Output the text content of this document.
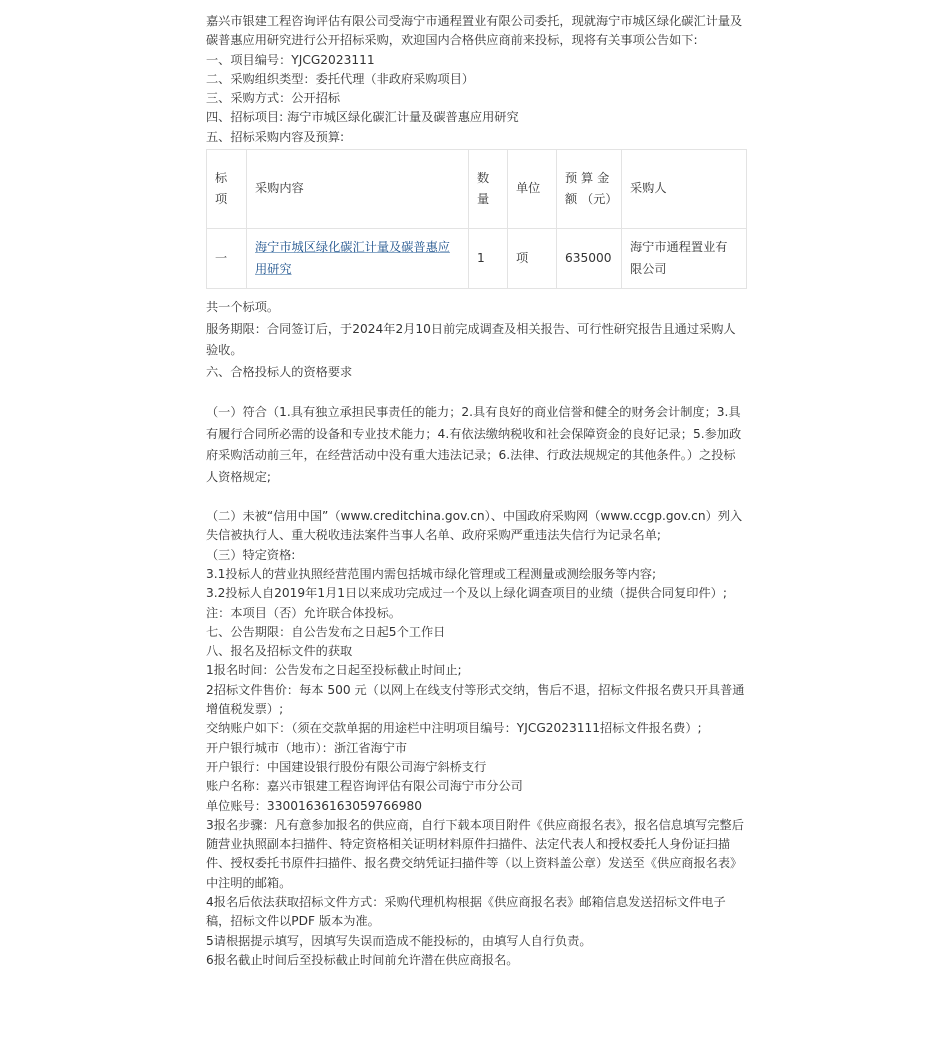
嘉兴市银建工程咨询评估有限公司受海宁市通程置业有限公司委托，现就海宁市城区绿化碳汇计量及碳普惠应用研究进行公开招标采购，欢迎国内合格供应商前来投标，现将有关事项公告如下:

一、项目编号：YJCG2023111

二、采购组织类型：委托代理（非政府采购项目）

三、采购方式：公开招标

四、招标项目: 海宁市城区绿化碳汇计量及碳普惠应用研究

五、招标采购内容及预算:

标项	采购内容	数量	单位	预 算 金 额 （元）	采购人
一	海宁市城区绿化碳汇计量及碳普惠应用研究	1	项	635000	海宁市通程置业有限公司

共一个标项。

服务期限：合同签订后，于2024年2月10日前完成调查及相关报告、可行性研究报告且通过采购人验收。

六、合格投标人的资格要求

（一）符合（1.具有独立承担民事责任的能力；2.具有良好的商业信誉和健全的财务会计制度；3.具有履行合同所必需的设备和专业技术能力；4.有依法缴纳税收和社会保障资金的良好记录；5.参加政府采购活动前三年，在经营活动中没有重大违法记录；6.法律、行政法规规定的其他条件。）之投标人资格规定;

（二）未被“信用中国”（www.creditchina.gov.cn）、中国政府采购网（www.ccgp.gov.cn）列入失信被执行人、重大税收违法案件当事人名单、政府采购严重违法失信行为记录名单;

（三）特定资格:

3.1投标人的营业执照经营范围内需包括城市绿化管理或工程测量或测绘服务等内容;

3.2投标人自2019年1月1日以来成功完成过一个及以上绿化调查项目的业绩（提供合同复印件）;

注：本项目（否）允许联合体投标。

七、公告期限：自公告发布之日起5个工作日

八、报名及招标文件的获取

1报名时间：公告发布之日起至投标截止时间止;

2招标文件售价：每本 500 元（以网上在线支付等形式交纳，售后不退，招标文件报名费只开具普通增值税发票）;

交纳账户如下：（须在交款单据的用途栏中注明项目编号：YJCG2023111招标文件报名费）;

开户银行城市（地市）：浙江省海宁市

开户银行：中国建设银行股份有限公司海宁斜桥支行

账户名称：嘉兴市银建工程咨询评估有限公司海宁市分公司

单位账号：33001636163059766980

3报名步骤：凡有意参加报名的供应商，自行下载本项目附件《供应商报名表》，报名信息填写完整后随营业执照副本扫描件、特定资格相关证明材料原件扫描件、法定代表人和授权委托人身份证扫描件、授权委托书原件扫描件、报名费交纳凭证扫描件等（以上资料盖公章）发送至《供应商报名表》中注明的邮箱。

4报名后依法获取招标文件方式：采购代理机构根据《供应商报名表》邮箱信息发送招标文件电子稿，招标文件以PDF 版本为准。

5请根据提示填写，因填写失误而造成不能投标的，由填写人自行负责。

6报名截止时间后至投标截止时间前允许潜在供应商报名。
